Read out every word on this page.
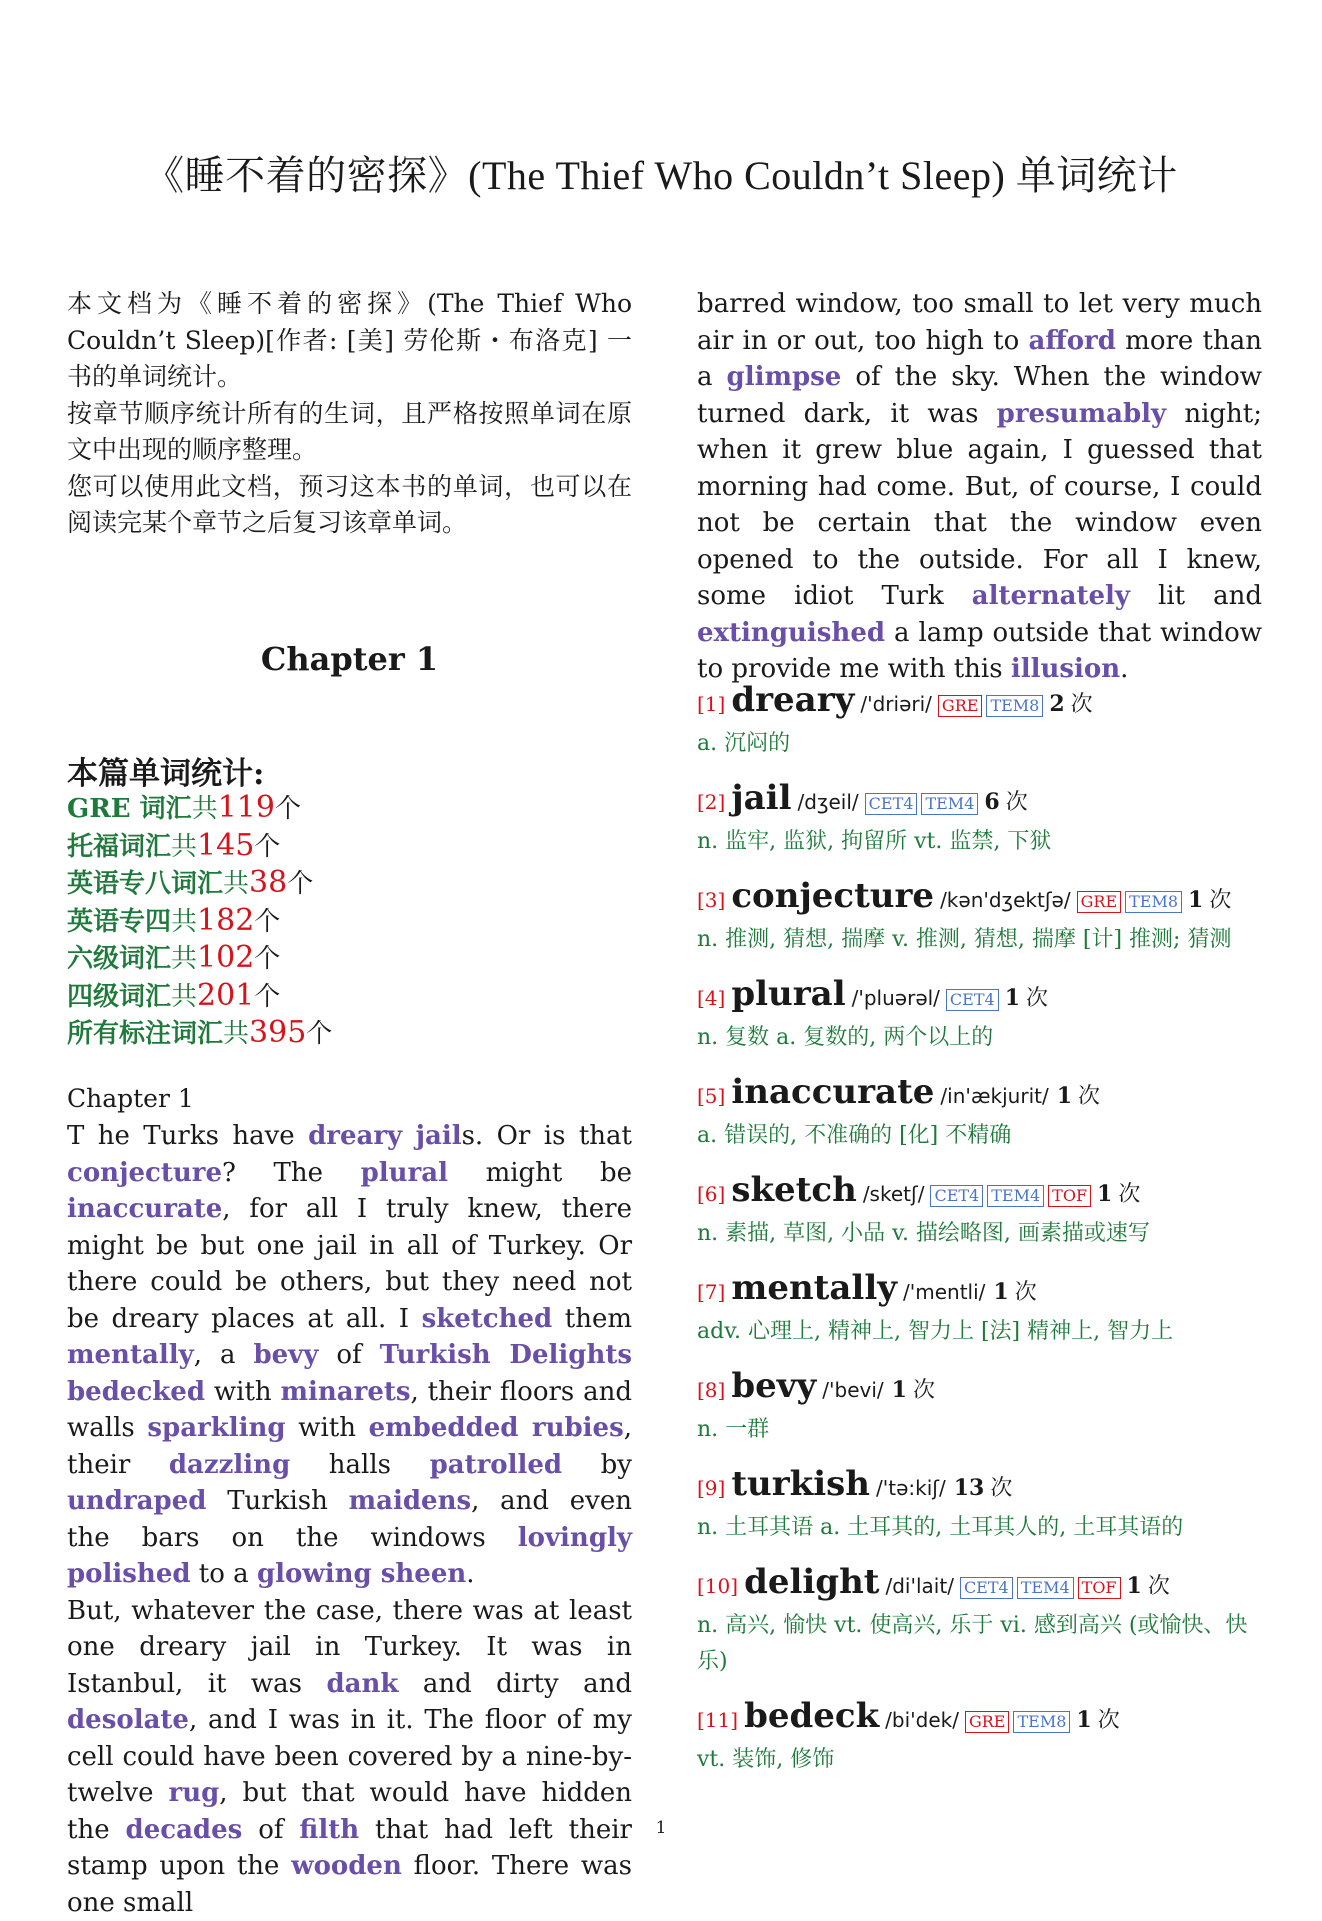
《睡不着的密探》(The Thief Who Couldn’t Sleep) 单词统计

本文档为《睡不着的密探》(The Thief Who Couldn’t Sleep)[作者: [美] 劳伦斯・布洛克] 一书的单词统计。

按章节顺序统计所有的生词，且严格按照单词在原文中出现的顺序整理。

您可以使用此文档，预习这本书的单词，也可以在阅读完某个章节之后复习该章单词。

Chapter 1
本篇单词统计:
GRE 词汇共119个
托福词汇共145个
英语专八词汇共38个
英语专四共182个
六级词汇共102个
四级词汇共201个
所有标注词汇共395个
Chapter 1

T he Turks have dreary jails. Or is that conjecture? The plural might be inaccurate, for all I truly knew, there might be but one jail in all of Turkey. Or there could be others, but they need not be dreary places at all. I sketched them mentally, a bevy of Turkish Delights bedecked with minarets, their floors and walls sparkling with embedded rubies, their dazzling halls patrolled by undraped Turkish maidens, and even the bars on the windows lovingly polished to a glowing sheen.
But, whatever the case, there was at least one dreary jail in Turkey. It was in Istanbul, it was dank and dirty and desolate, and I was in it. The floor of my cell could have been covered by a nine-by-twelve rug, but that would have hidden the decades of filth that had left their stamp upon the wooden floor. There was one small

barred window, too small to let very much air in or out, too high to afford more than a glimpse of the sky. When the window turned dark, it was presumably night; when it grew blue again, I guessed that morning had come. But, of course, I could not be certain that the window even opened to the outside. For all I knew, some idiot Turk alternately lit and extinguished a lamp outside that window to provide me with this illusion.

[1] dreary /'driəri/ GRE TEM8 2 次
a. 沉闷的
[2] jail /dʒeil/ CET4 TEM4 6 次
n. 监牢, 监狱, 拘留所 vt. 监禁, 下狱
[3] conjecture /kən'dʒektʃə/ GRE TEM8 1 次
n. 推测, 猜想, 揣摩 v. 推测, 猜想, 揣摩 [计] 推测; 猜测
[4] plural /'pluərəl/ CET4 1 次
n. 复数 a. 复数的, 两个以上的
[5] inaccurate /in'ækjurit/ 1 次
a. 错误的, 不准确的 [化] 不精确
[6] sketch /sketʃ/ CET4 TEM4 TOF 1 次
n. 素描, 草图, 小品 v. 描绘略图, 画素描或速写
[7] mentally /'mentli/ 1 次
adv. 心理上, 精神上, 智力上 [法] 精神上, 智力上
[8] bevy /'bevi/ 1 次
n. 一群
[9] turkish /'tə:kiʃ/ 13 次
n. 土耳其语 a. 土耳其的, 土耳其人的, 土耳其语的
[10] delight /di'lait/ CET4 TEM4 TOF 1 次
n. 高兴, 愉快 vt. 使高兴, 乐于 vi. 感到高兴 (或愉快、快乐)
[11] bedeck /bi'dek/ GRE TEM8 1 次
vt. 装饰, 修饰
1
